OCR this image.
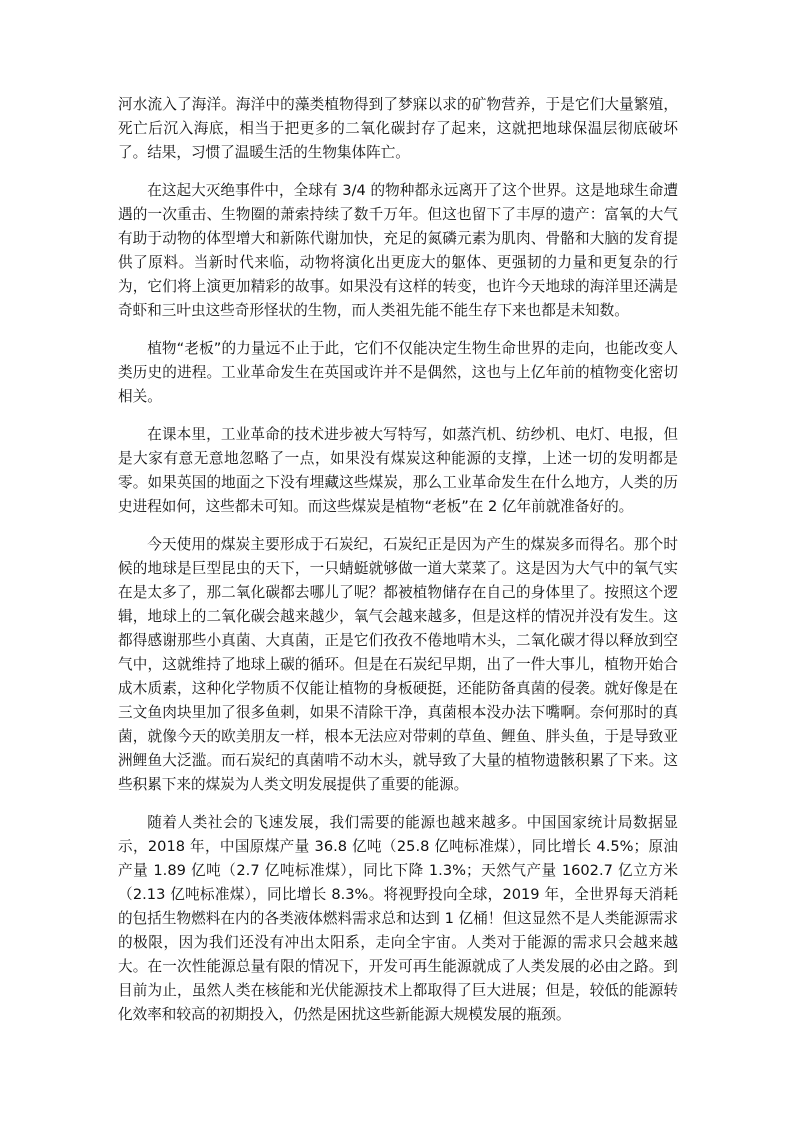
河水流入了海洋。海洋中的藻类植物得到了梦寐以求的矿物营养，于是它们大量繁殖，死亡后沉入海底，相当于把更多的二氧化碳封存了起来，这就把地球保温层彻底破坏了。结果，习惯了温暖生活的生物集体阵亡。

在这起大灭绝事件中，全球有 3/4 的物种都永远离开了这个世界。这是地球生命遭遇的一次重击、生物圈的萧索持续了数千万年。但这也留下了丰厚的遗产：富氧的大气有助于动物的体型增大和新陈代谢加快，充足的氮磷元素为肌肉、骨骼和大脑的发育提供了原料。当新时代来临，动物将演化出更庞大的躯体、更强韧的力量和更复杂的行为，它们将上演更加精彩的故事。如果没有这样的转变，也许今天地球的海洋里还满是奇虾和三叶虫这些奇形怪状的生物，而人类祖先能不能生存下来也都是未知数。

植物“老板”的力量远不止于此，它们不仅能决定生物生命世界的走向，也能改变人类历史的进程。工业革命发生在英国或许并不是偶然，这也与上亿年前的植物变化密切相关。

在课本里，工业革命的技术进步被大写特写，如蒸汽机、纺纱机、电灯、电报，但是大家有意无意地忽略了一点，如果没有煤炭这种能源的支撑，上述一切的发明都是零。如果英国的地面之下没有埋藏这些煤炭，那么工业革命发生在什么地方，人类的历史进程如何，这些都未可知。而这些煤炭是植物“老板”在 2 亿年前就准备好的。

今天使用的煤炭主要形成于石炭纪，石炭纪正是因为产生的煤炭多而得名。那个时候的地球是巨型昆虫的天下，一只蜻蜓就够做一道大菜菜了。这是因为大气中的氧气实在是太多了，那二氧化碳都去哪儿了呢？都被植物储存在自己的身体里了。按照这个逻辑，地球上的二氧化碳会越来越少，氧气会越来越多，但是这样的情况并没有发生。这都得感谢那些小真菌、大真菌，正是它们孜孜不倦地啃木头，二氧化碳才得以释放到空气中，这就维持了地球上碳的循环。但是在石炭纪早期，出了一件大事儿，植物开始合成木质素，这种化学物质不仅能让植物的身板硬挺，还能防备真菌的侵袭。就好像是在三文鱼肉块里加了很多鱼刺，如果不清除干净，真菌根本没办法下嘴啊。奈何那时的真菌，就像今天的欧美朋友一样，根本无法应对带刺的草鱼、鲤鱼、胖头鱼，于是导致亚洲鲤鱼大泛滥。而石炭纪的真菌啃不动木头，就导致了大量的植物遗骸积累了下来。这些积累下来的煤炭为人类文明发展提供了重要的能源。

随着人类社会的飞速发展，我们需要的能源也越来越多。中国国家统计局数据显示，2018 年，中国原煤产量 36.8 亿吨（25.8 亿吨标准煤），同比增长 4.5%；原油产量 1.89 亿吨（2.7 亿吨标准煤），同比下降 1.3%；天然气产量 1602.7 亿立方米（2.13 亿吨标准煤），同比增长 8.3%。将视野投向全球，2019 年，全世界每天消耗的包括生物燃料在内的各类液体燃料需求总和达到 1 亿桶！但这显然不是人类能源需求的极限，因为我们还没有冲出太阳系，走向全宇宙。人类对于能源的需求只会越来越大。在一次性能源总量有限的情况下，开发可再生能源就成了人类发展的必由之路。到目前为止，虽然人类在核能和光伏能源技术上都取得了巨大进展；但是，较低的能源转化效率和较高的初期投入，仍然是困扰这些新能源大规模发展的瓶颈。
